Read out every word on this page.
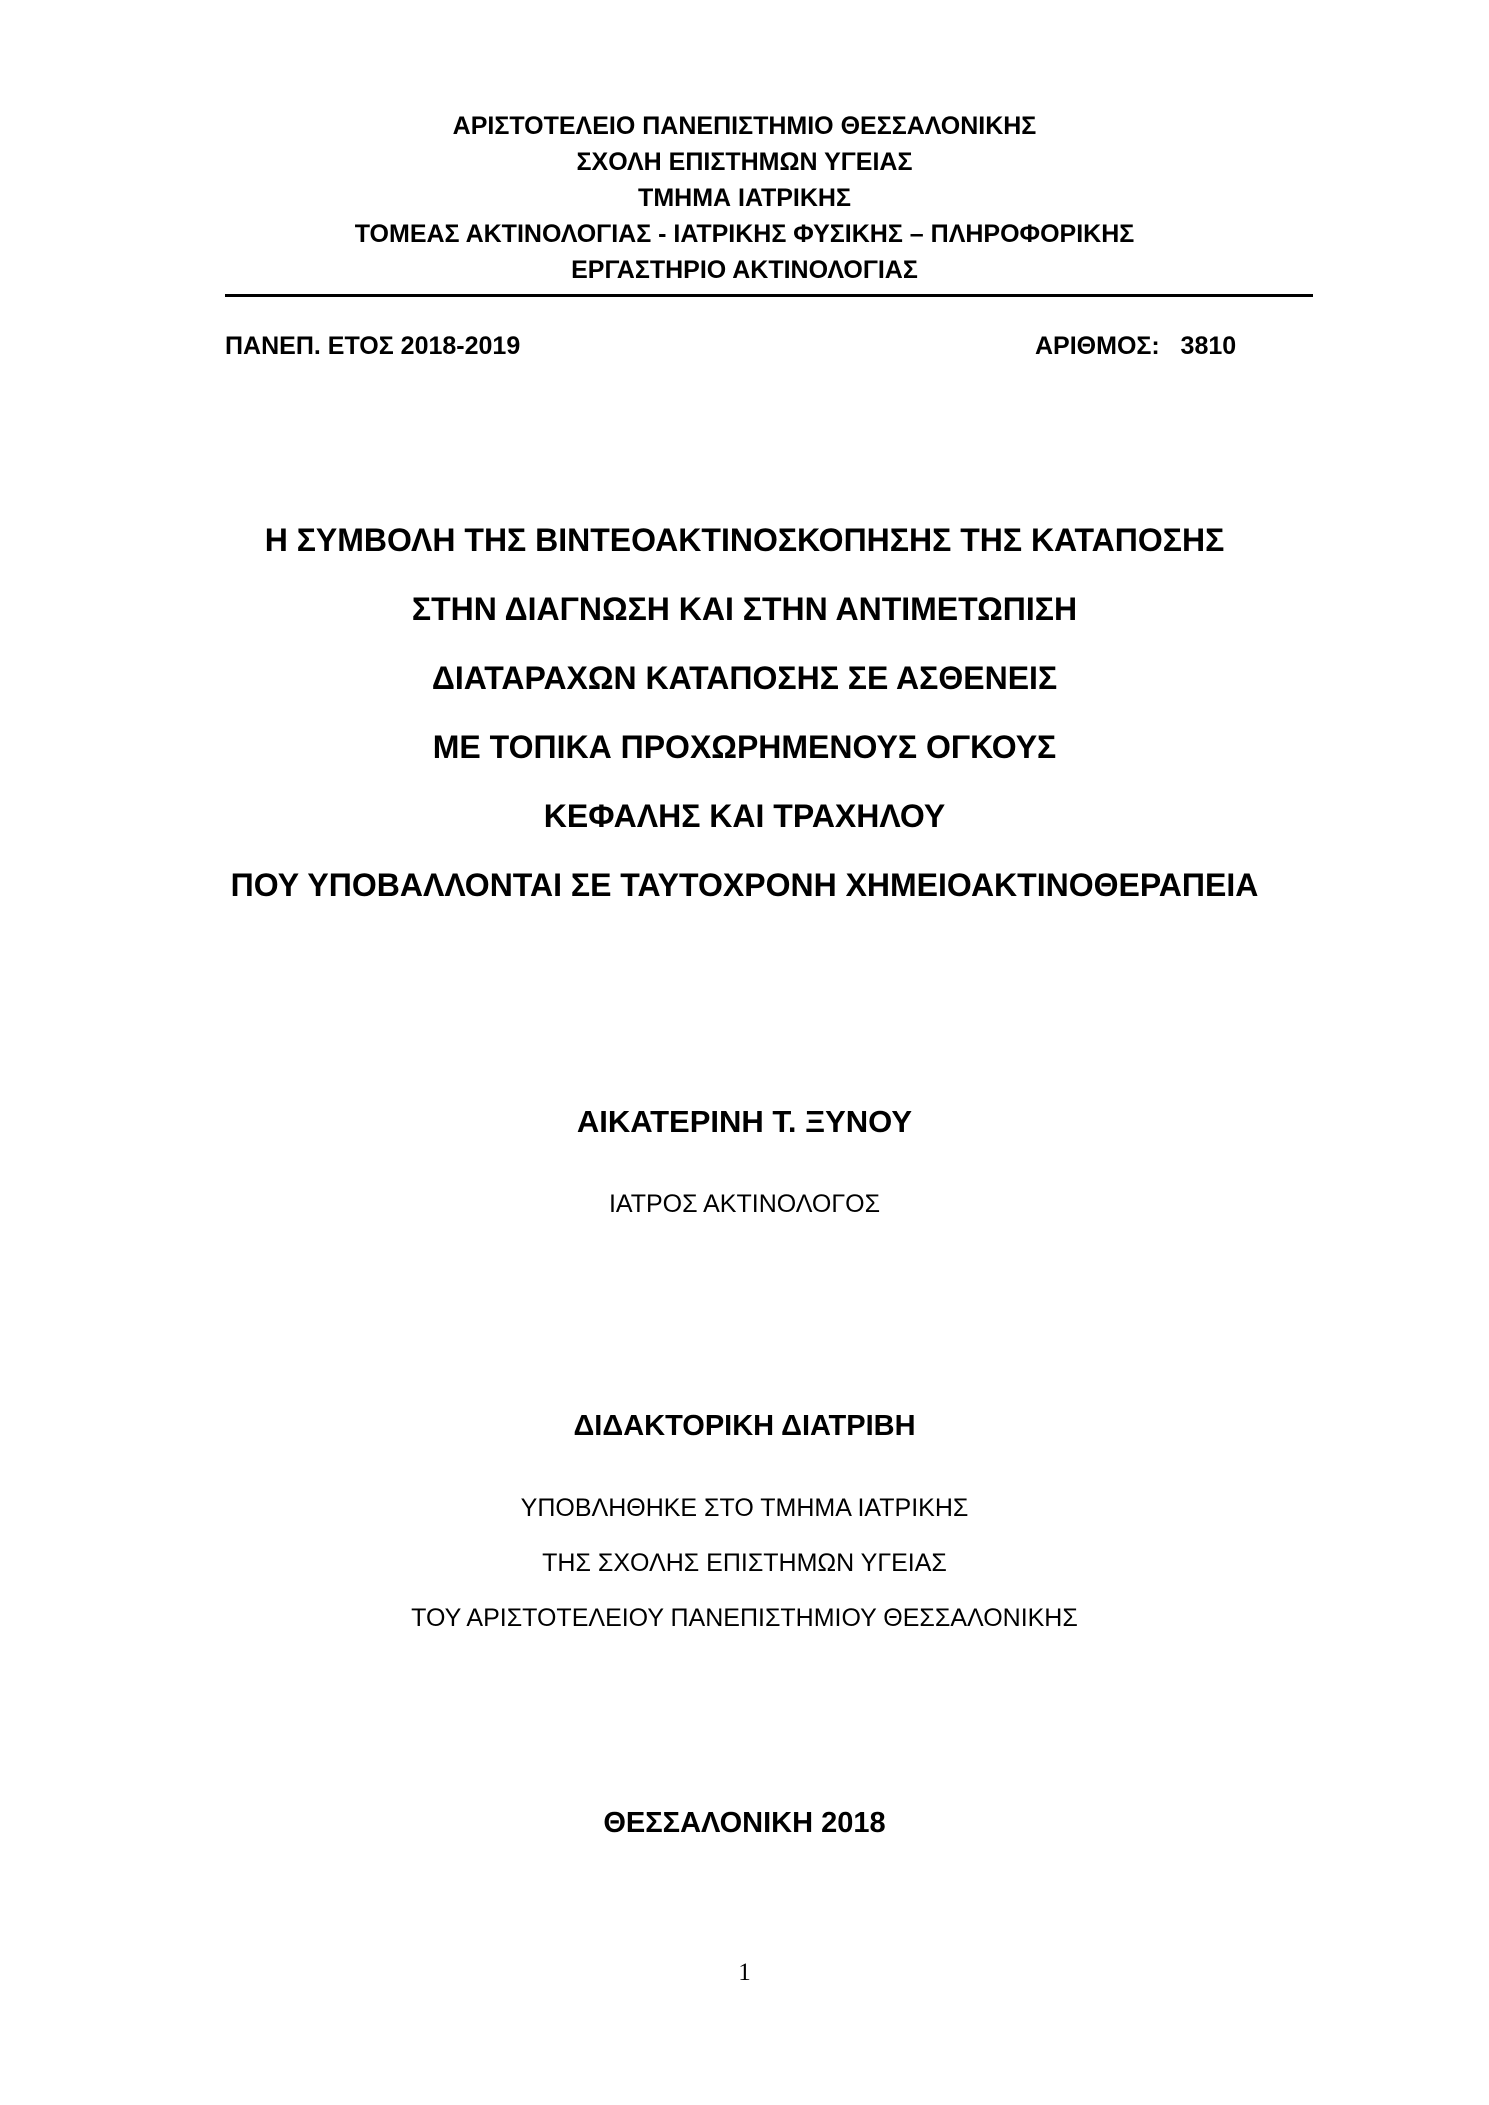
ΑΡΙΣΤΟΤΕΛΕΙΟ ΠΑΝΕΠΙΣΤΗΜΙΟ ΘΕΣΣΑΛΟΝΙΚΗΣ
ΣΧΟΛΗ ΕΠΙΣΤΗΜΩΝ ΥΓΕΙΑΣ
ΤΜΗΜΑ ΙΑΤΡΙΚΗΣ
ΤΟΜΕΑΣ ΑΚΤΙΝΟΛΟΓΙΑΣ - ΙΑΤΡΙΚΗΣ ΦΥΣΙΚΗΣ – ΠΛΗΡΟΦΟΡΙΚΗΣ
ΕΡΓΑΣΤΗΡΙΟ ΑΚΤΙΝΟΛΟΓΙΑΣ
ΠΑΝΕΠ. ΕΤΟΣ 2018-2019	ΑΡΙΘΜΟΣ:   3810
Η ΣΥΜΒΟΛΗ ΤΗΣ ΒΙΝΤΕΟΑΚΤΙΝΟΣΚΟΠΗΣΗΣ ΤΗΣ ΚΑΤΑΠΟΣΗΣ
ΣΤΗΝ ΔΙΑΓΝΩΣΗ ΚΑΙ ΣΤΗΝ ΑΝΤΙΜΕΤΩΠΙΣΗ
ΔΙΑΤΑΡΑΧΩΝ ΚΑΤΑΠΟΣΗΣ ΣΕ ΑΣΘΕΝΕΙΣ
ΜΕ ΤΟΠΙΚΑ ΠΡΟΧΩΡΗΜΕΝΟΥΣ ΟΓΚΟΥΣ
ΚΕΦΑΛΗΣ ΚΑΙ ΤΡΑΧΗΛΟΥ
ΠΟΥ ΥΠΟΒΑΛΛΟΝΤΑΙ ΣΕ ΤΑΥΤΟΧΡΟΝΗ ΧΗΜΕΙΟΑΚΤΙΝΟΘΕΡΑΠΕΙΑ
ΑΙΚΑΤΕΡΙΝΗ Τ. ΞΥΝΟΥ
ΙΑΤΡΟΣ ΑΚΤΙΝΟΛΟΓΟΣ
ΔΙΔΑΚΤΟΡΙΚΗ ΔΙΑΤΡΙΒΗ
ΥΠΟΒΛΗΘΗΚΕ ΣΤΟ ΤΜΗΜΑ ΙΑΤΡΙΚΗΣ
ΤΗΣ ΣΧΟΛΗΣ ΕΠΙΣΤΗΜΩΝ ΥΓΕΙΑΣ
ΤΟΥ ΑΡΙΣΤΟΤΕΛΕΙΟΥ ΠΑΝΕΠΙΣΤΗΜΙΟΥ ΘΕΣΣΑΛΟΝΙΚΗΣ
ΘΕΣΣΑΛΟΝΙΚΗ 2018
1
